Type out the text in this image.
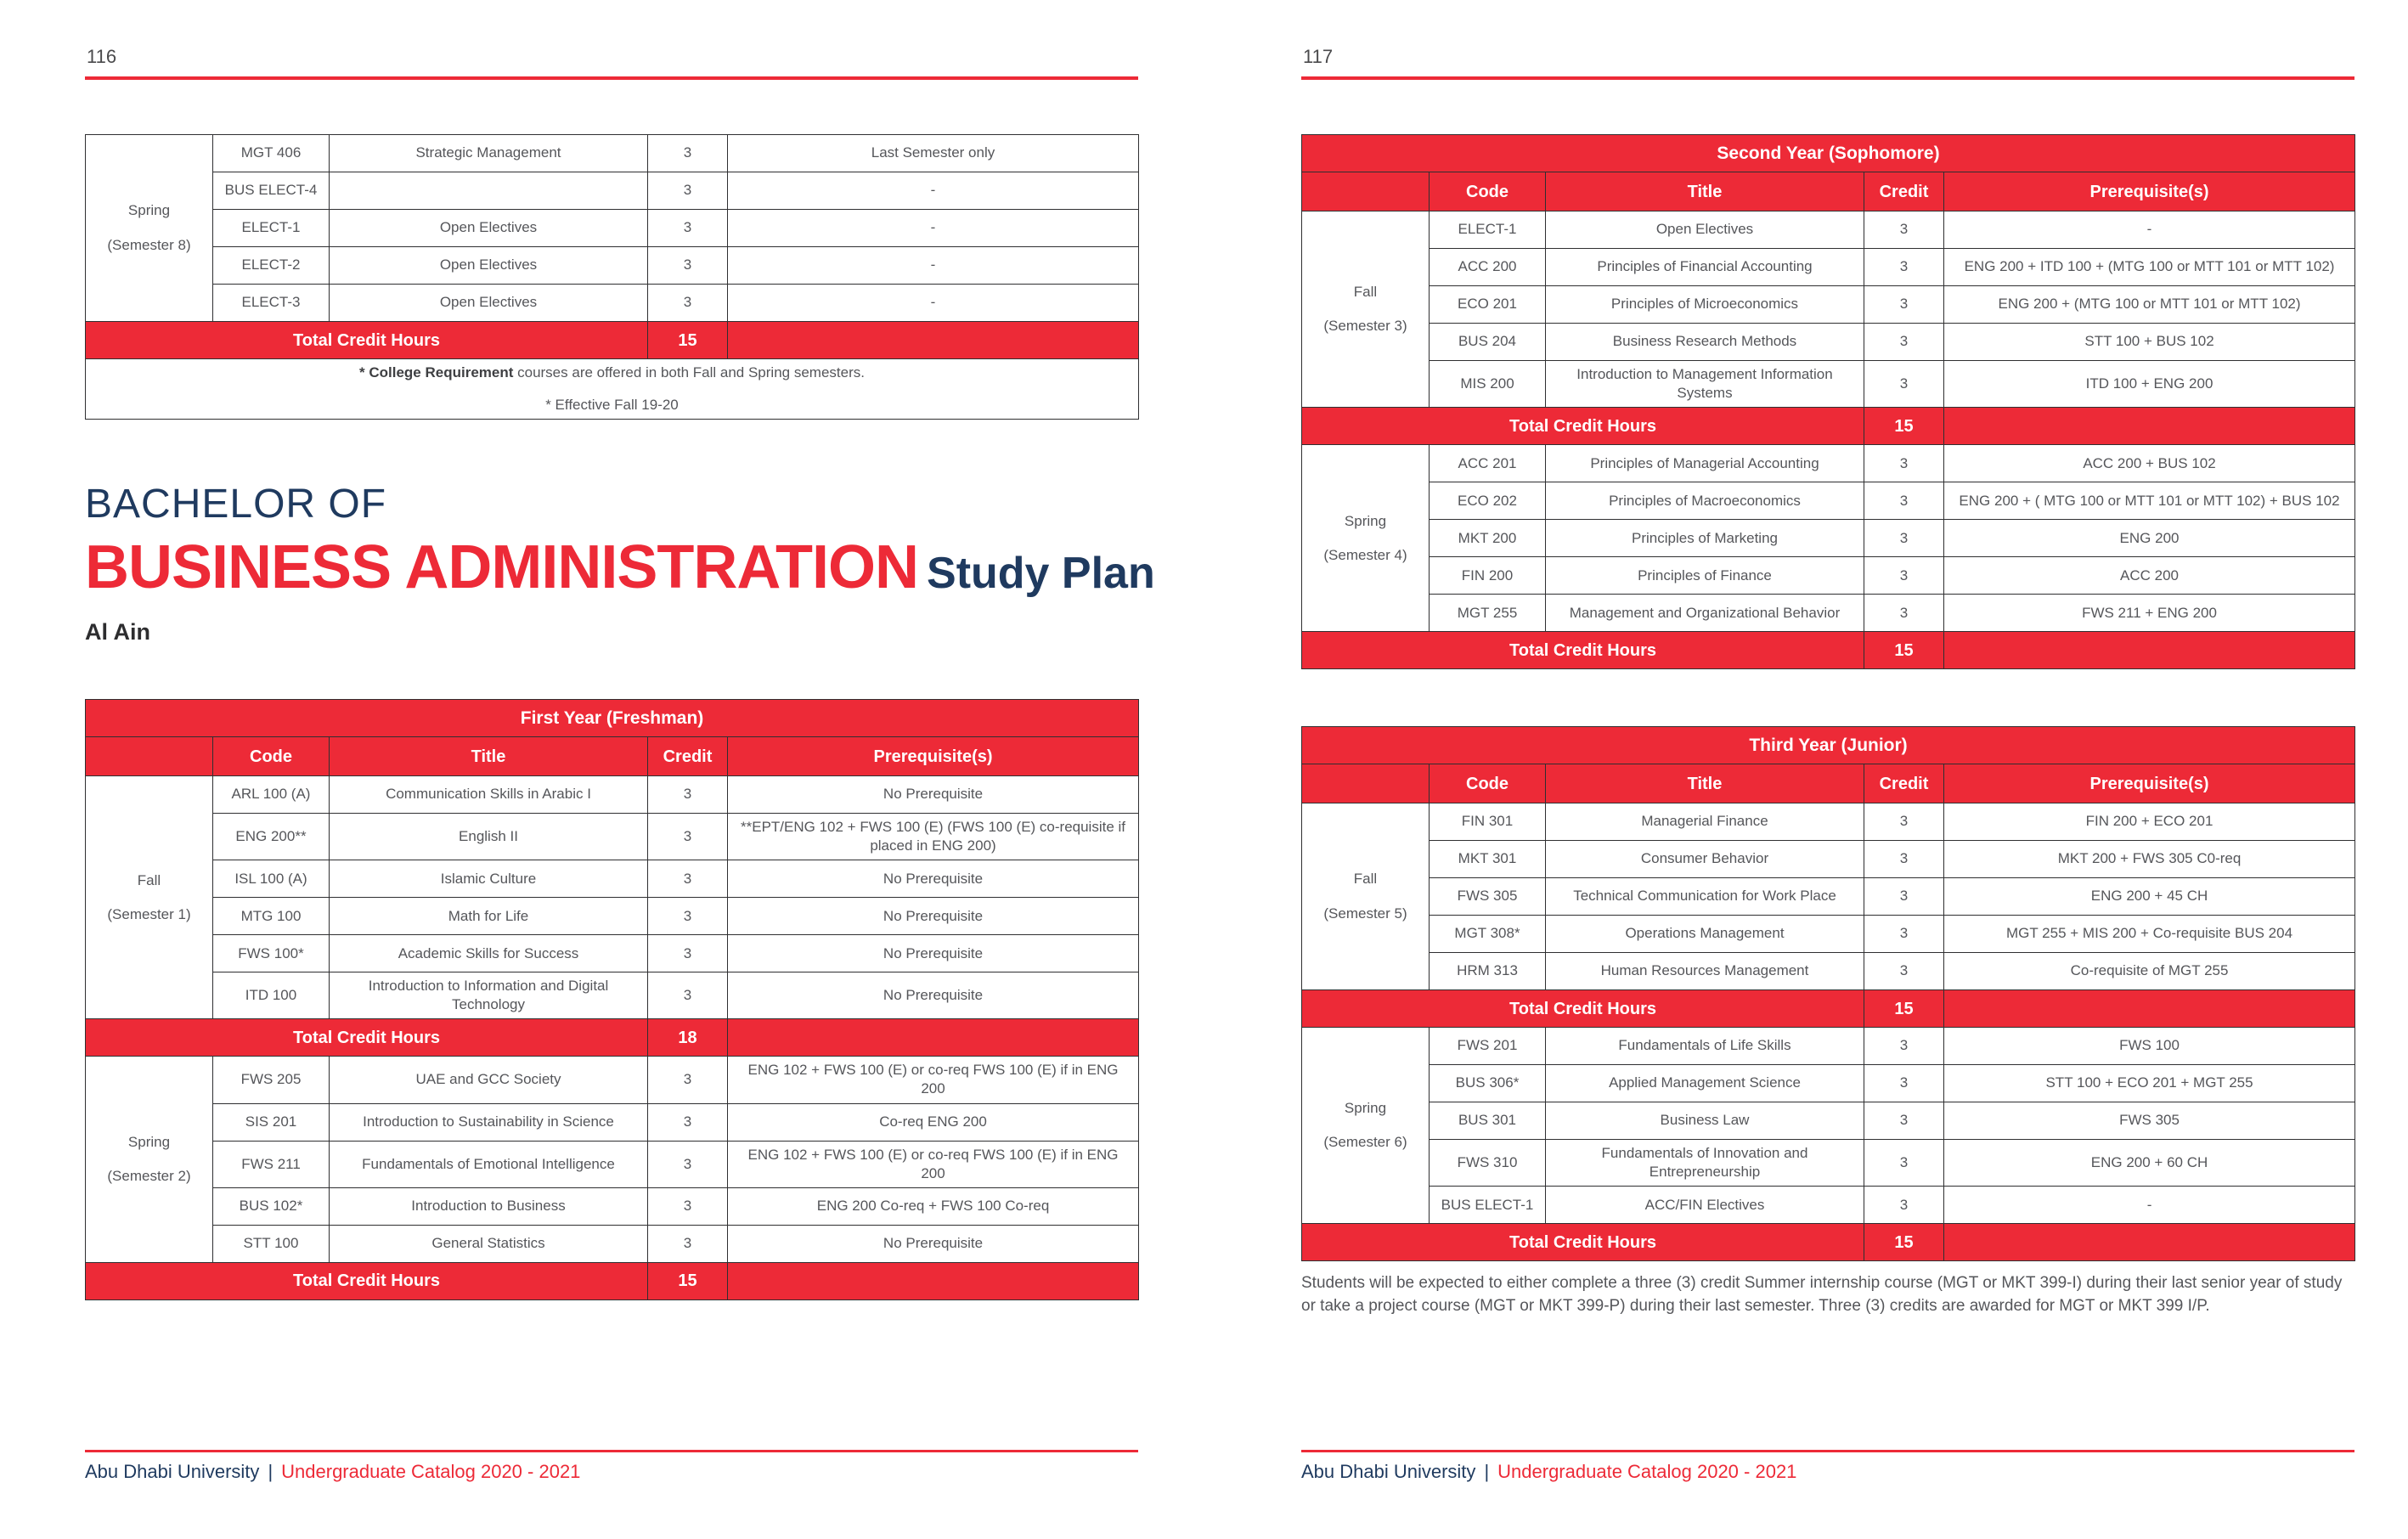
116
Spring
(Semester 8)	MGT 406	Strategic Management	3	Last Semester only
	BUS ELECT-4		3	-
	ELECT-1	Open Electives	3	-
	ELECT-2	Open Electives	3	-
	ELECT-3	Open Electives	3	-
Total Credit Hours			15	

* College Requirement courses are offered in both Fall and Spring semesters.
* Effective Fall 19-20				
BACHELOR OF
BUSINESS ADMINISTRATION Study Plan
Al Ain
First Year (Freshman)				
	Code	Title	Credit	Prerequisite(s)

Fall
(Semester 1)	ARL 100 (A)	Communication Skills in Arabic I	3	No Prerequisite
	ENG 200**	English II	3	**EPT/ENG 102 + FWS 100 (E) (FWS 100 (E) co-requisite if placed in ENG 200)
	ISL 100 (A)	Islamic Culture	3	No Prerequisite
	MTG 100	Math for Life	3	No Prerequisite
	FWS 100*	Academic Skills for Success	3	No Prerequisite
	ITD 100	Introduction to Information and Digital Technology	3	No Prerequisite
Total Credit Hours			18	

Spring
(Semester 2)	FWS 205	UAE and GCC Society	3	ENG 102 + FWS 100 (E) or co-req FWS 100 (E) if in ENG 200
	SIS 201	Introduction to Sustainability in Science	3	Co-req ENG 200
	FWS 211	Fundamentals of Emotional Intelligence	3	ENG 102 + FWS 100 (E) or co-req FWS 100 (E) if in ENG 200
	BUS 102*	Introduction to Business	3	ENG 200 Co-req + FWS 100 Co-req
	STT 100	General Statistics	3	No Prerequisite
Total Credit Hours			15	
Abu Dhabi University | Undergraduate Catalog 2020 - 2021
117
Second Year (Sophomore)				
	Code	Title	Credit	Prerequisite(s)

Fall
(Semester 3)	ELECT-1	Open Electives	3	-
	ACC 200	Principles of Financial Accounting	3	ENG 200 + ITD 100 + (MTG 100 or MTT 101 or MTT 102)
	ECO 201	Principles of Microeconomics	3	ENG 200 + (MTG 100 or MTT 101 or MTT 102)
	BUS 204	Business Research Methods	3	STT 100 + BUS 102
	MIS 200	Introduction to Management Information Systems	3	ITD 100 + ENG 200
Total Credit Hours			15	

Spring
(Semester 4)	ACC 201	Principles of Managerial Accounting	3	ACC 200 + BUS 102
	ECO 202	Principles of Macroeconomics	3	ENG 200 + ( MTG 100 or MTT 101 or MTT 102) + BUS 102
	MKT 200	Principles of Marketing	3	ENG 200
	FIN 200	Principles of Finance	3	ACC 200
	MGT 255	Management and Organizational Behavior	3	FWS 211 + ENG 200
Total Credit Hours			15	
Third Year (Junior)				
	Code	Title	Credit	Prerequisite(s)

Fall
(Semester 5)	FIN 301	Managerial Finance	3	FIN 200 + ECO 201
	MKT 301	Consumer Behavior	3	MKT 200 + FWS 305 C0-req
	FWS 305	Technical Communication for Work Place	3	ENG 200 + 45 CH
	MGT 308*	Operations Management	3	MGT 255 + MIS 200 + Co-requisite BUS 204
	HRM 313	Human Resources Management	3	Co-requisite of MGT 255
Total Credit Hours			15	

Spring
(Semester 6)	FWS 201	Fundamentals of Life Skills	3	FWS 100
	BUS 306*	Applied Management Science	3	STT 100 + ECO 201 + MGT 255
	BUS 301	Business Law	3	FWS 305
	FWS 310	Fundamentals of Innovation and Entrepreneurship	3	ENG 200 + 60 CH
	BUS ELECT-1	ACC/FIN Electives	3	-
Total Credit Hours			15	
Students will be expected to either complete a three (3) credit Summer internship course (MGT or MKT 399-I) during their last senior year of study or take a project course (MGT or MKT 399-P) during their last semester. Three (3) credits are awarded for MGT or MKT 399 I/P.
Abu Dhabi University | Undergraduate Catalog 2020 - 2021
